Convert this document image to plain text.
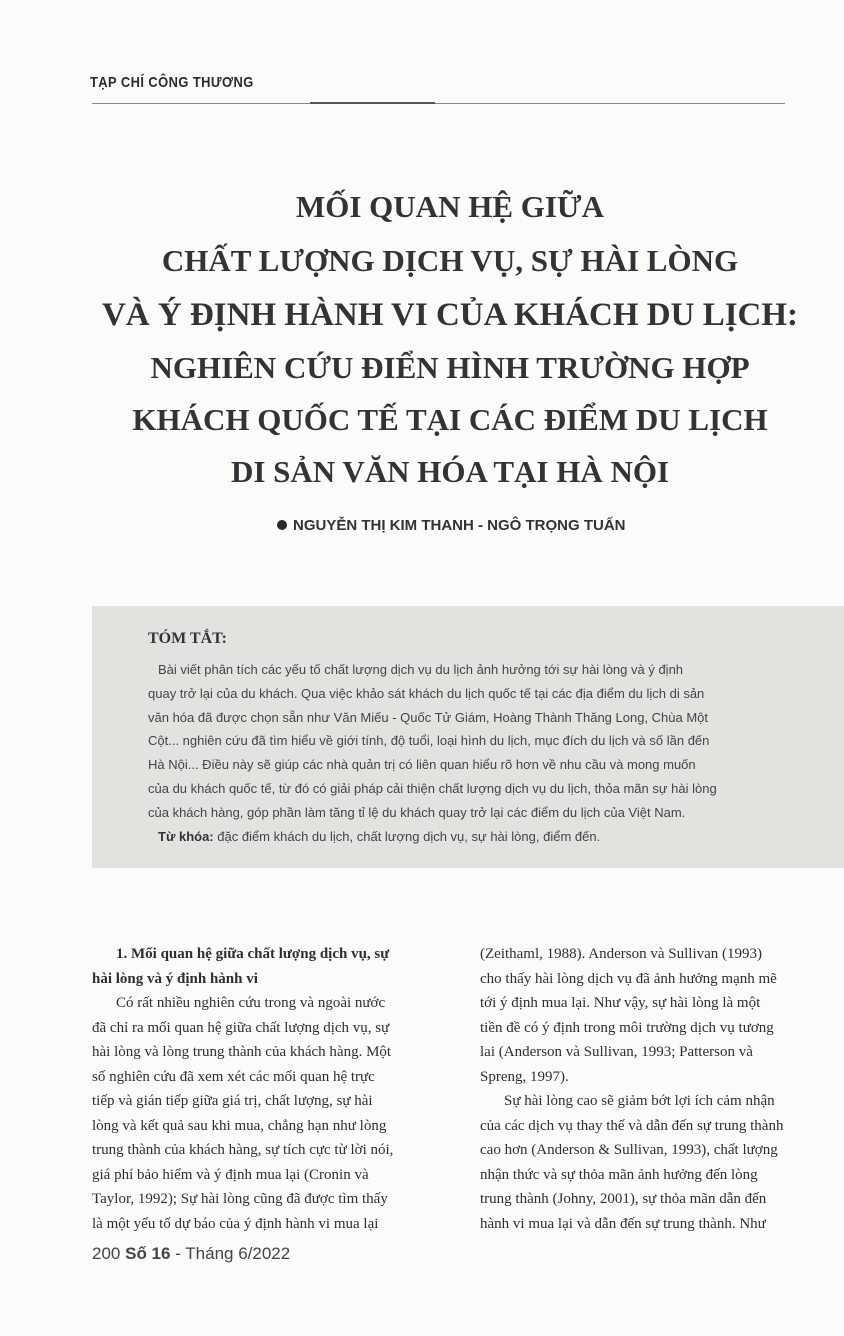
TẠP CHÍ CÔNG THƯƠNG
MỐI QUAN HỆ GIỮA
CHẤT LƯỢNG DỊCH VỤ, SỰ HÀI LÒNG
VÀ Ý ĐỊNH HÀNH VI CỦA KHÁCH DU LỊCH:
NGHIÊN CỨU ĐIỂN HÌNH TRƯỜNG HỢP
KHÁCH QUỐC TẾ TẠI CÁC ĐIỂM DU LỊCH
DI SẢN VĂN HÓA TẠI HÀ NỘI
NGUYỄN THỊ KIM THANH - NGÔ TRỌNG TUẤN
TÓM TẮT:
Bài viết phân tích các yếu tố chất lượng dịch vụ du lịch ảnh hưởng tới sự hài lòng và ý định
quay trở lại của du khách. Qua việc khảo sát khách du lịch quốc tế tại các địa điểm du lịch di sản
văn hóa đã được chọn sẵn như Văn Miếu - Quốc Tử Giám, Hoàng Thành Thăng Long, Chùa Một
Cột... nghiên cứu đã tìm hiểu về giới tính, độ tuổi, loại hình du lịch, mục đích du lịch và số lần đến
Hà Nội... Điều này sẽ giúp các nhà quản trị có liên quan hiểu rõ hơn về nhu cầu và mong muốn
của du khách quốc tế, từ đó có giải pháp cải thiện chất lượng dịch vụ du lịch, thỏa mãn sự hài lòng
của khách hàng, góp phần làm tăng tỉ lệ du khách quay trở lại các điểm du lịch của Việt Nam.
Từ khóa: đặc điểm khách du lịch, chất lượng dịch vụ, sự hài lòng, điểm đến.
1. Mối quan hệ giữa chất lượng dịch vụ, sự
hài lòng và ý định hành vi
Có rất nhiều nghiên cứu trong và ngoài nước
đã chỉ ra mối quan hệ giữa chất lượng dịch vụ, sự
hài lòng và lòng trung thành của khách hàng. Một
số nghiên cứu đã xem xét các mối quan hệ trực
tiếp và gián tiếp giữa giá trị, chất lượng, sự hài
lòng và kết quả sau khi mua, chẳng hạn như lòng
trung thành của khách hàng, sự tích cực từ lời nói,
giá phí bảo hiểm và ý định mua lại (Cronin và
Taylor, 1992); Sự hài lòng cũng đã được tìm thấy
là một yếu tố dự báo của ý định hành vi mua lại
(Zeithaml, 1988). Anderson và Sullivan (1993)
cho thấy hài lòng dịch vụ đã ảnh hưởng mạnh mẽ
tới ý định mua lại. Như vậy, sự hài lòng là một
tiền đề có ý định trong môi trường dịch vụ tương
lai (Anderson và Sullivan, 1993; Patterson và
Spreng, 1997).
Sự hài lòng cao sẽ giảm bớt lợi ích cảm nhận
của các dịch vụ thay thế và dẫn đến sự trung thành
cao hơn (Anderson & Sullivan, 1993), chất lượng
nhận thức và sự thỏa mãn ảnh hưởng đến lòng
trung thành (Johny, 2001), sự thỏa mãn dẫn đến
hành vi mua lại và dẫn đến sự trung thành. Như
200 Số 16 - Tháng 6/2022
